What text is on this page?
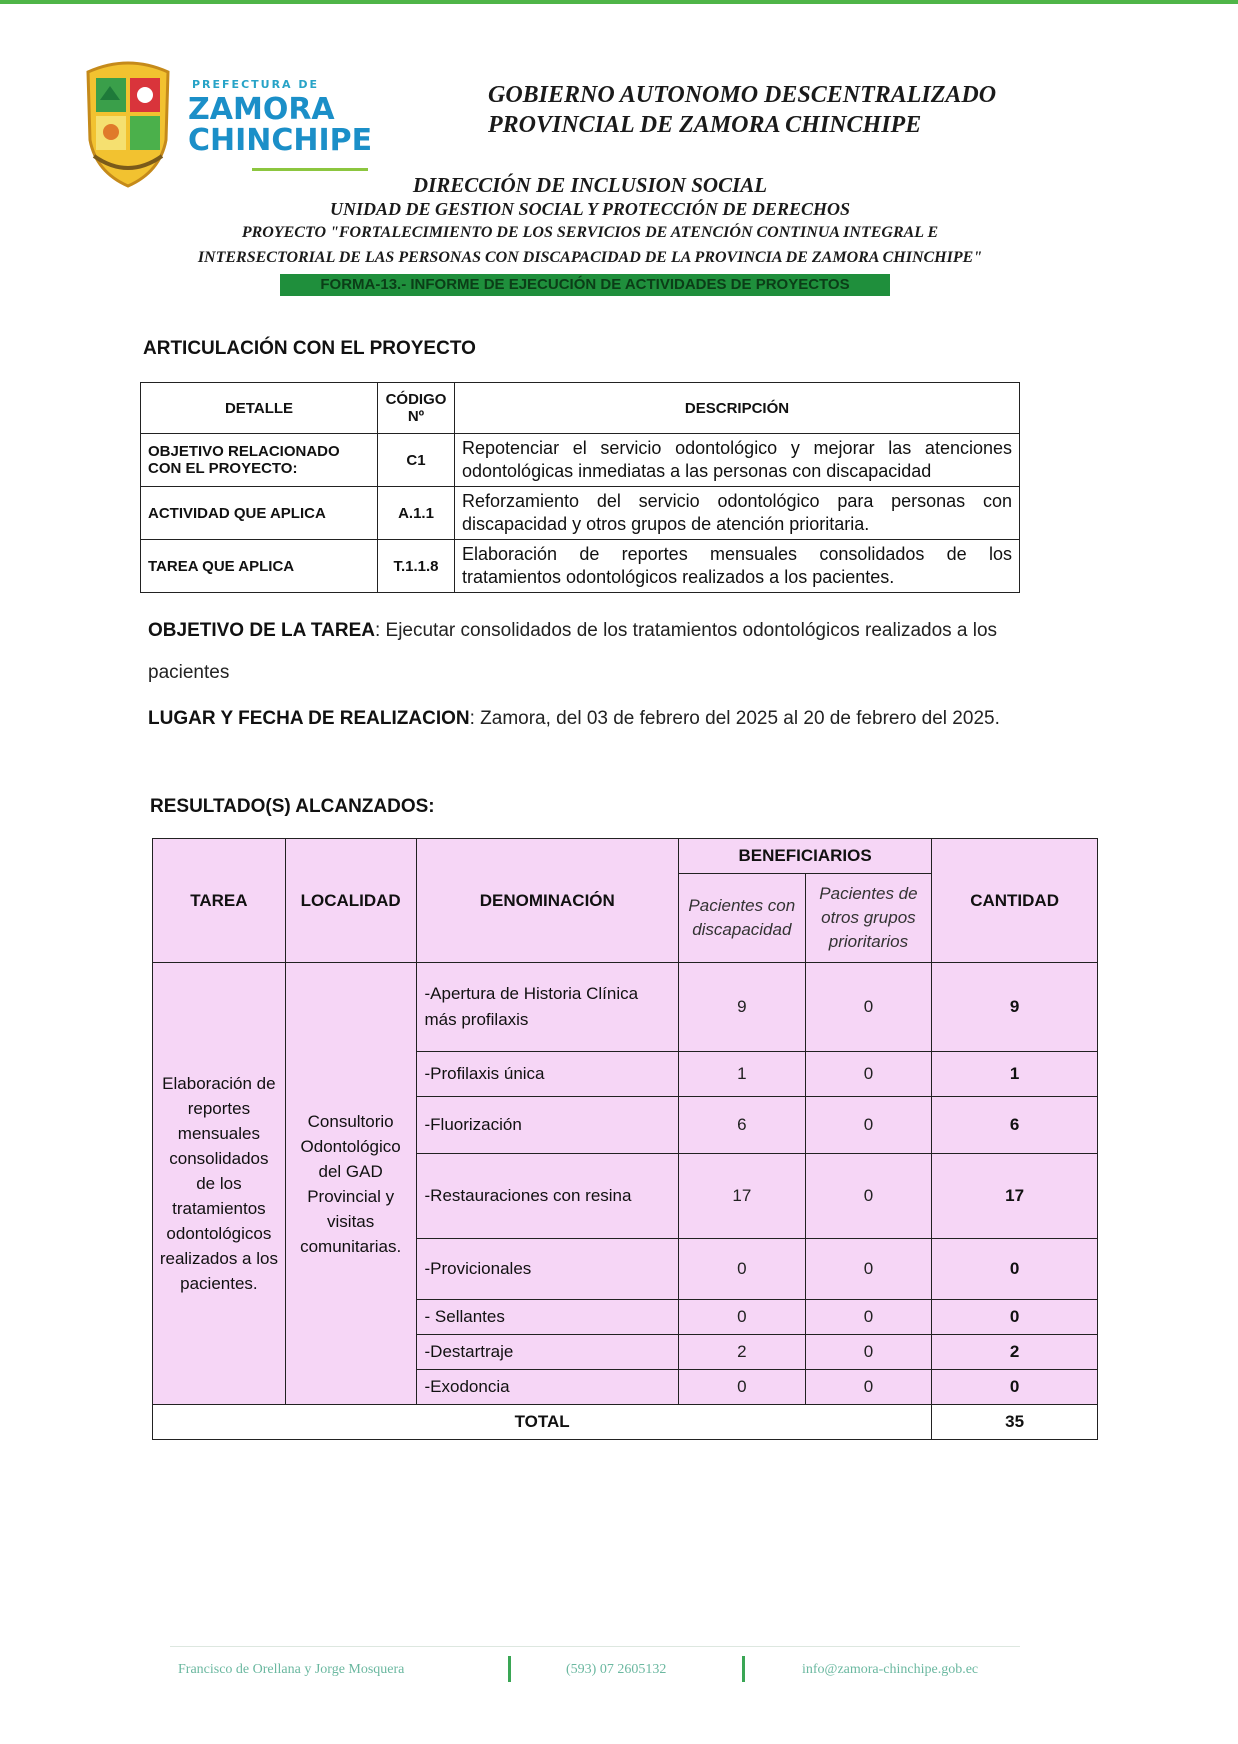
PREFECTURA DE
ZAMORA
CHINCHIPE
GOBIERNO AUTONOMO DESCENTRALIZADO
PROVINCIAL DE ZAMORA CHINCHIPE
DIRECCIÓN DE INCLUSION SOCIAL
UNIDAD DE GESTION SOCIAL Y PROTECCIÓN DE DERECHOS
PROYECTO "FORTALECIMIENTO DE LOS SERVICIOS DE ATENCIÓN CONTINUA INTEGRAL E
INTERSECTORIAL DE LAS PERSONAS CON DISCAPACIDAD DE LA PROVINCIA DE ZAMORA CHINCHIPE"
FORMA-13.- INFORME DE EJECUCIÓN DE ACTIVIDADES DE PROYECTOS
ARTICULACIÓN CON EL PROYECTO
DETALLE	CÓDIGO Nº	DESCRIPCIÓN
OBJETIVO RELACIONADO CON EL PROYECTO:	C1	Repotenciar el servicio odontológico y mejorar las atenciones odontológicas inmediatas a las personas con discapacidad
ACTIVIDAD QUE APLICA	A.1.1	Reforzamiento del servicio odontológico para personas con discapacidad y otros grupos de atención prioritaria.
TAREA QUE APLICA	T.1.1.8	Elaboración de reportes mensuales consolidados de los tratamientos odontológicos realizados a los pacientes.
OBJETIVO DE LA TAREA: Ejecutar consolidados de los tratamientos odontológicos realizados a los pacientes
LUGAR Y FECHA DE REALIZACION: Zamora, del 03 de febrero del 2025 al 20 de febrero del 2025.
RESULTADO(S) ALCANZADOS:
TAREA	LOCALIDAD	DENOMINACIÓN	BENEFICIARIOS		CANTIDAD
			Pacientes con discapacidad	Pacientes de otros grupos prioritarios	
Elaboración de reportes mensuales consolidados de los tratamientos odontológicos realizados a los pacientes.	Consultorio Odontológico del GAD Provincial y visitas comunitarias.	-Apertura de Historia Clínica más profilaxis	9	0	9
		-Profilaxis única	1	0	1
		-Fluorización	6	0	6
		-Restauraciones con resina	17	0	17
		-Provicionales	0	0	0
		- Sellantes	0	0	0
		-Destartraje	2	0	2
		-Exodoncia	0	0	0
TOTAL					35
Francisco de Orellana y Jorge Mosquera	(593) 07 2605132	info@zamora-chinchipe.gob.ec
